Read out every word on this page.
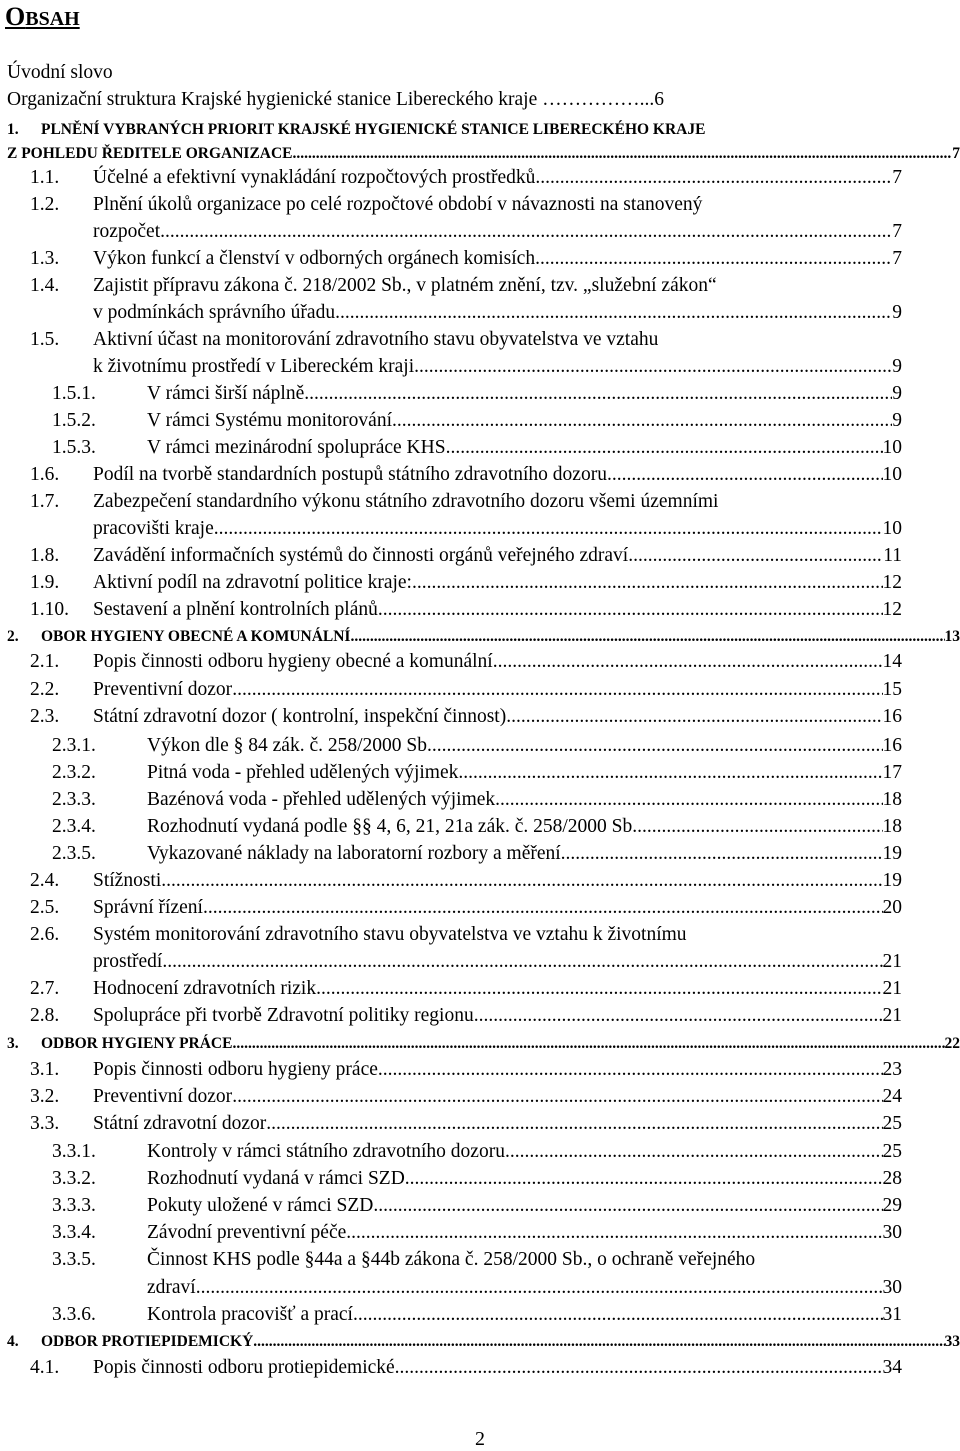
OBSAH
Úvodní slovo
Organizační struktura Krajské hygienické stanice Libereckého kraje ……………...6
1. PLNĚNÍ VYBRANÝCH PRIORIT KRAJSKÉ HYGIENICKÉ STANICE LIBERECKÉHO KRAJE
Z POHLEDU ŘEDITELE ORGANIZACE .....	7
1.1. Účelné a efektivní vynakládání rozpočtových prostředků .....	7
1.2. Plnění úkolů organizace po celé rozpočtové období v návaznosti na stanovený
rozpočet .....	7
1.3. Výkon funkcí a členství v odborných orgánech komisích .....	7
1.4. Zajistit přípravu zákona č. 218/2002 Sb., v platném znění, tzv. „služební zákon“
v podmínkách správního úřadu .....	9
1.5. Aktivní účast na monitorování zdravotního stavu obyvatelstva ve vztahu
k životnímu prostředí v Libereckém kraji .....	9
1.5.1.	V rámci širší náplně .....	9
1.5.2.	V rámci Systému monitorování .....	9
1.5.3.	V rámci mezinárodní spolupráce KHS .....	10
1.6. Podíl na tvorbě standardních postupů státního zdravotního dozoru .....	10
1.7. Zabezpečení standardního výkonu státního zdravotního dozoru všemi územními
pracovišti kraje .....	10
1.8. Zavádění informačních systémů do činnosti orgánů veřejného zdraví .....	11
1.9. Aktivní podíl na zdravotní politice kraje: .....	12
1.10. Sestavení a plnění kontrolních plánů .....	12
2. OBOR HYGIENY OBECNÉ A KOMUNÁLNÍ .....	13
2.1. Popis činnosti odboru hygieny obecné a komunální .....	14
2.2. Preventivní dozor .....	15
2.3. Státní zdravotní dozor ( kontrolní, inspekční činnost) .....	16
2.3.1.	Výkon dle § 84 zák. č. 258/2000 Sb. .....	16
2.3.2.	Pitná voda - přehled udělených výjimek .....	17
2.3.3.	Bazénová voda - přehled udělených výjimek .....	18
2.3.4.	Rozhodnutí vydaná podle §§ 4, 6, 21, 21a zák. č. 258/2000 Sb. .....	18
2.3.5.	Vykazované náklady na laboratorní rozbory a měření .....	19
2.4. Stížnosti .....	19
2.5. Správní řízení .....	20
2.6. Systém monitorování zdravotního stavu obyvatelstva ve vztahu k životnímu
prostředí .....	21
2.7. Hodnocení zdravotních rizik .....	21
2.8. Spolupráce při tvorbě Zdravotní politiky regionu .....	21
3. ODBOR HYGIENY PRÁCE .....	22
3.1. Popis činnosti odboru hygieny práce .....	23
3.2. Preventivní dozor .....	24
3.3. Státní zdravotní dozor .....	25
3.3.1.	Kontroly v rámci státního zdravotního dozoru .....	25
3.3.2.	Rozhodnutí vydaná v rámci SZD .....	28
3.3.3.	Pokuty uložené v rámci SZD .....	29
3.3.4.	Závodní preventivní péče .....	30
3.3.5.	Činnost KHS podle §44a a §44b zákona č. 258/2000 Sb., o ochraně veřejného
zdraví .....	30
3.3.6.	Kontrola pracovišť a prací .....	31
4. ODBOR PROTIEPIDEMICKÝ .....	33
4.1. Popis činnosti odboru protiepidemické .....	34
2
